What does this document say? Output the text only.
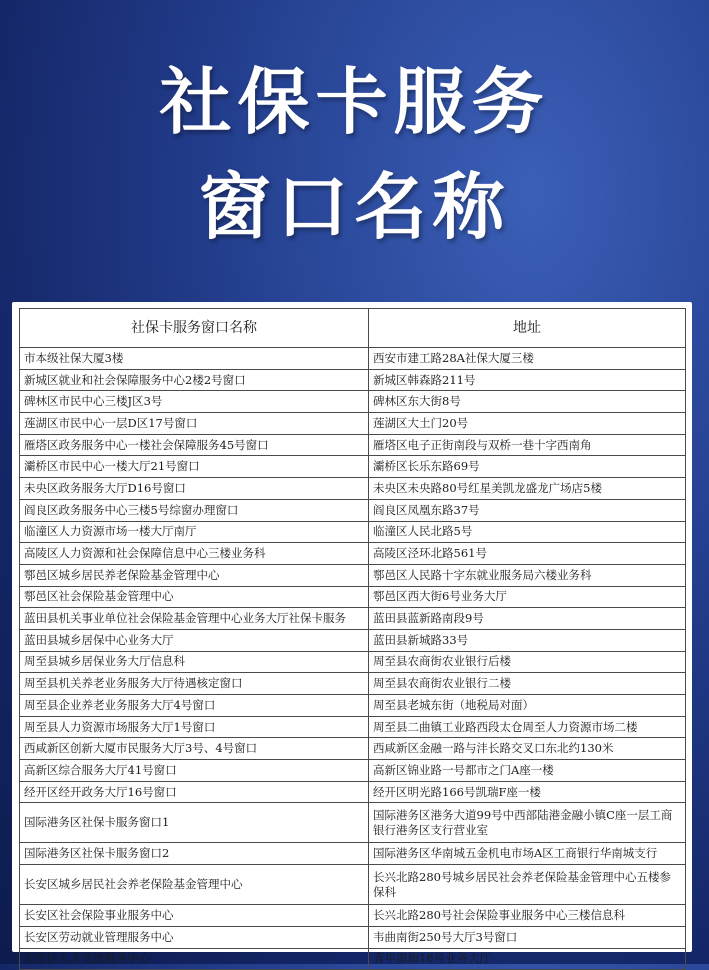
社保卡服务
窗口名称
社保卡服务窗口名称	地址
市本级社保大厦3楼	西安市建工路28A社保大厦三楼
新城区就业和社会保障服务中心2楼2号窗口	新城区韩森路211号
碑林区市民中心三楼J区3号	碑林区东大街8号
莲湖区市民中心一层D区17号窗口	莲湖区大土门20号
雁塔区政务服务中心一楼社会保障服务45号窗口	雁塔区电子正街南段与双桥一巷十字西南角
灞桥区市民中心一楼大厅21号窗口	灞桥区长乐东路69号
未央区政务服务大厅D16号窗口	未央区未央路80号红星美凯龙盛龙广场店5楼
阎良区政务服务中心三楼5号综窗办理窗口	阎良区凤凰东路37号
临潼区人力资源市场一楼大厅南厅	临潼区人民北路5号
高陵区人力资源和社会保障信息中心三楼业务科	高陵区泾环北路561号
鄠邑区城乡居民养老保险基金管理中心	鄠邑区人民路十字东就业服务局六楼业务科
鄠邑区社会保险基金管理中心	鄠邑区西大街6号业务大厅
蓝田县机关事业单位社会保险基金管理中心业务大厅社保卡服务	蓝田县蓝新路南段9号
蓝田县城乡居保中心业务大厅	蓝田县新城路33号
周至县城乡居保业务大厅信息科	周至县农商街农业银行后楼
周至县机关养老业务服务大厅待遇核定窗口	周至县农商街农业银行二楼
周至县企业养老业务服务大厅4号窗口	周至县老城东街（地税局对面）
周至县人力资源市场服务大厅1号窗口	周至县二曲镇工业路西段太仓周至人力资源市场二楼
西咸新区创新大厦市民服务大厅3号、4号窗口	西咸新区金融一路与沣长路交叉口东北约130米
高新区综合服务大厅41号窗口	高新区锦业路一号都市之门A座一楼
经开区经开政务大厅16号窗口	经开区明光路166号凯瑞F座一楼
国际港务区社保卡服务窗口1	国际港务区港务大道99号中西部陆港金融小镇C座一层工商银行港务区支行营业室
国际港务区社保卡服务窗口2	国际港务区华南城五金机电市场A区工商银行华南城支行
长安区城乡居民社会养老保险基金管理中心	长兴北路280号城乡居民社会养老保险基金管理中心五楼参保科
长安区社会保险事业服务中心	长兴北路280号社会保险事业服务中心三楼信息科
长安区劳动就业管理服务中心	韦曲南街250号大厅3号窗口
长安区人才交流服务中心	青年南街18号业务大厅
